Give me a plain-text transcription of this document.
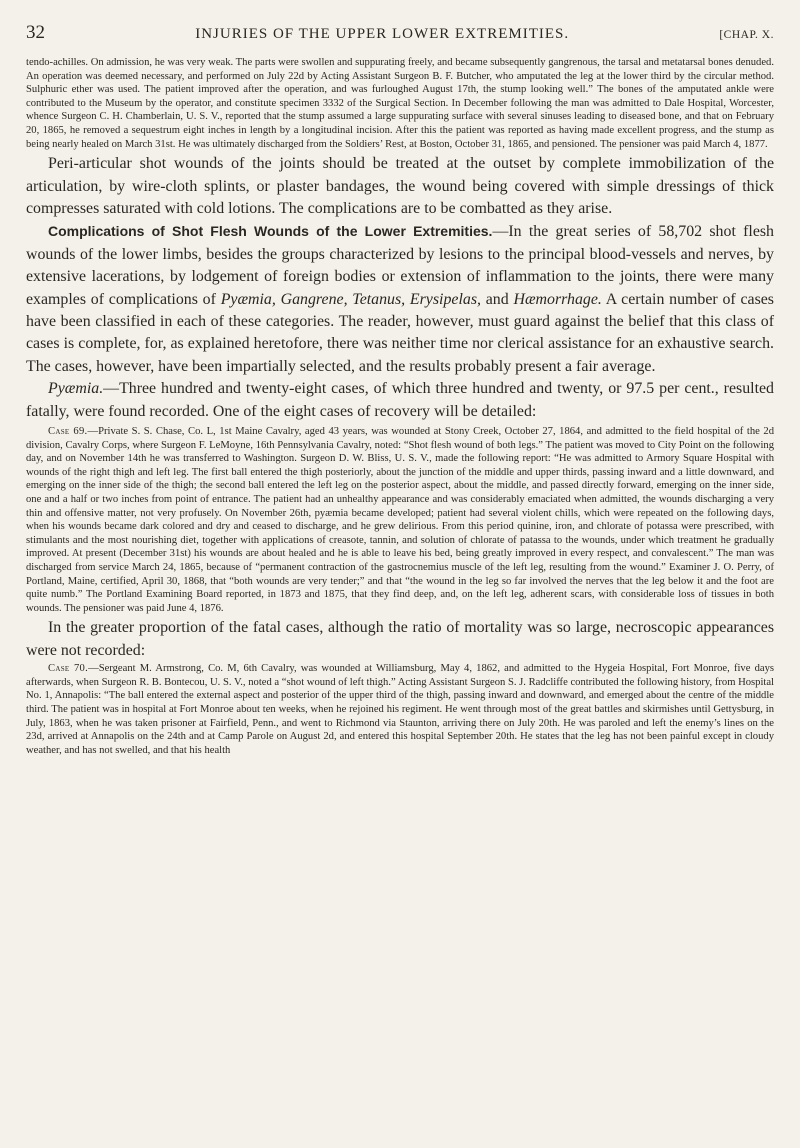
32	INJURIES OF THE UPPER LOWER EXTREMITIES.	[CHAP. X.

tendo-achilles. On admission, he was very weak. The parts were swollen and suppurating freely, and became subsequently gangrenous, the tarsal and metatarsal bones denuded. An operation was deemed necessary, and performed on July 22d by Acting Assistant Surgeon B. F. Butcher, who amputated the leg at the lower third by the circular method. Sulphuric ether was used. The patient improved after the operation, and was furloughed August 17th, the stump looking well.” The bones of the amputated ankle were contributed to the Museum by the operator, and constitute specimen 3332 of the Surgical Section. In December following the man was admitted to Dale Hospital, Worcester, whence Surgeon C. H. Chamberlain, U. S. V., reported that the stump assumed a large suppurating surface with several sinuses leading to diseased bone, and that on February 20, 1865, he removed a sequestrum eight inches in length by a longitudinal incision. After this the patient was reported as having made excellent progress, and the stump as being nearly healed on March 31st. He was ultimately discharged from the Soldiers’ Rest, at Boston, October 31, 1865, and pensioned. The pensioner was paid March 4, 1877.

Peri-articular shot wounds of the joints should be treated at the outset by complete immobilization of the articulation, by wire-cloth splints, or plaster bandages, the wound being covered with simple dressings of thick compresses saturated with cold lotions. The complications are to be combatted as they arise.

Complications of Shot Flesh Wounds of the Lower Extremities.—In the great series of 58,702 shot flesh wounds of the lower limbs, besides the groups characterized by lesions to the principal blood-vessels and nerves, by extensive lacerations, by lodgement of foreign bodies or extension of inflammation to the joints, there were many examples of complications of Pyæmia, Gangrene, Tetanus, Erysipelas, and Hæmorrhage. A certain number of cases have been classified in each of these categories. The reader, however, must guard against the belief that this class of cases is complete, for, as explained heretofore, there was neither time nor clerical assistance for an exhaustive search. The cases, however, have been impartially selected, and the results probably present a fair average.

Pyæmia.—Three hundred and twenty-eight cases, of which three hundred and twenty, or 97.5 per cent., resulted fatally, were found recorded. One of the eight cases of recovery will be detailed:

Case 69.—Private S. S. Chase, Co. L, 1st Maine Cavalry, aged 43 years, was wounded at Stony Creek, October 27, 1864, and admitted to the field hospital of the 2d division, Cavalry Corps, where Surgeon F. LeMoyne, 16th Pennsylvania Cavalry, noted: “Shot flesh wound of both legs.” The patient was moved to City Point on the following day, and on November 14th he was transferred to Washington. Surgeon D. W. Bliss, U. S. V., made the following report: “He was admitted to Armory Square Hospital with wounds of the right thigh and left leg. The first ball entered the thigh posteriorly, about the junction of the middle and upper thirds, passing inward and a little downward, and emerging on the inner side of the thigh; the second ball entered the left leg on the posterior aspect, about the middle, and passed directly forward, emerging on the inner side, one and a half or two inches from point of entrance. The patient had an unhealthy appearance and was considerably emaciated when admitted, the wounds discharging a very thin and offensive matter, not very profusely. On November 26th, pyæmia became developed; patient had several violent chills, which were repeated on the following days, when his wounds became dark colored and dry and ceased to discharge, and he grew delirious. From this period quinine, iron, and chlorate of potassa were prescribed, with stimulants and the most nourishing diet, together with applications of creasote, tannin, and solution of chlorate of patassa to the wounds, under which treatment he gradually improved. At present (December 31st) his wounds are about healed and he is able to leave his bed, being greatly improved in every respect, and convalescent.” The man was discharged from service March 24, 1865, because of “permanent contraction of the gastrocnemius muscle of the left leg, resulting from the wound.” Examiner J. O. Perry, of Portland, Maine, certified, April 30, 1868, that “both wounds are very tender;” and that “the wound in the leg so far involved the nerves that the leg below it and the foot are quite numb.” The Portland Examining Board reported, in 1873 and 1875, that they find deep, and, on the left leg, adherent scars, with considerable loss of tissues in both wounds. The pensioner was paid June 4, 1876.

In the greater proportion of the fatal cases, although the ratio of mortality was so large, necroscopic appearances were not recorded:

Case 70.—Sergeant M. Armstrong, Co. M, 6th Cavalry, was wounded at Williamsburg, May 4, 1862, and admitted to the Hygeia Hospital, Fort Monroe, five days afterwards, when Surgeon R. B. Bontecou, U. S. V., noted a “shot wound of left thigh.” Acting Assistant Surgeon S. J. Radcliffe contributed the following history, from Hospital No. 1, Annapolis: “The ball entered the external aspect and posterior of the upper third of the thigh, passing inward and downward, and emerged about the centre of the middle third. The patient was in hospital at Fort Monroe about ten weeks, when he rejoined his regiment. He went through most of the great battles and skirmishes until Gettysburg, in July, 1863, when he was taken prisoner at Fairfield, Penn., and went to Richmond via Staunton, arriving there on July 20th. He was paroled and left the enemy’s lines on the 23d, arrived at Annapolis on the 24th and at Camp Parole on August 2d, and entered this hospital September 20th. He states that the leg has not been painful except in cloudy weather, and has not swelled, and that his health
